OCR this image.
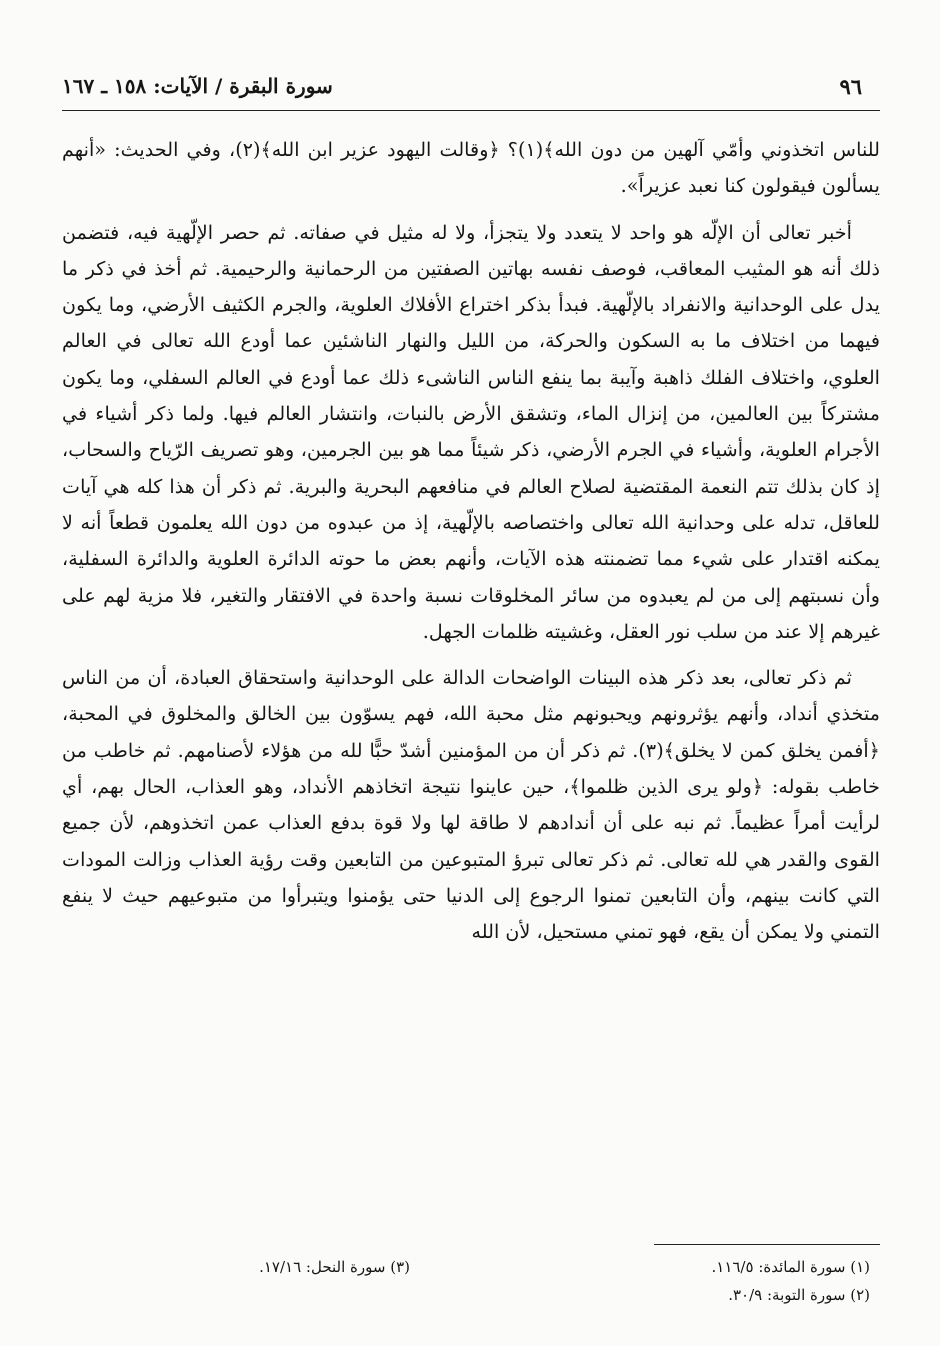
٩٦
سورة البقرة / الآيات: ١٥٨ ـ ١٦٧

للناس اتخذوني وأمّي آلهين من دون الله﴾(١)؟ ﴿وقالت اليهود عزير ابن الله﴾(٢)، وفي الحديث: «أنهم يسألون فيقولون كنا نعبد عزيراً».

أخبر تعالى أن الإلّه هو واحد لا يتعدد ولا يتجزأ، ولا له مثيل في صفاته. ثم حصر الإلّهية فيه، فتضمن ذلك أنه هو المثيب المعاقب، فوصف نفسه بهاتين الصفتين من الرحمانية والرحيمية. ثم أخذ في ذكر ما يدل على الوحدانية والانفراد بالإلّهية. فبدأ بذكر اختراع الأفلاك العلوية، والجرم الكثيف الأرضي، وما يكون فيهما من اختلاف ما به السكون والحركة، من الليل والنهار الناشئين عما أودع الله تعالى في العالم العلوي، واختلاف الفلك ذاهبة وآيبة بما ينفع الناس الناشىء ذلك عما أودع في العالم السفلي، وما يكون مشتركاً بين العالمين، من إنزال الماء، وتشقق الأرض بالنبات، وانتشار العالم فيها. ولما ذكر أشياء في الأجرام العلوية، وأشياء في الجرم الأرضي، ذكر شيئاً مما هو بين الجرمين، وهو تصريف الرّياح والسحاب، إذ كان بذلك تتم النعمة المقتضية لصلاح العالم في منافعهم البحرية والبرية. ثم ذكر أن هذا كله هي آيات للعاقل، تدله على وحدانية الله تعالى واختصاصه بالإلّهية، إذ من عبدوه من دون الله يعلمون قطعاً أنه لا يمكنه اقتدار على شيء مما تضمنته هذه الآيات، وأنهم بعض ما حوته الدائرة العلوية والدائرة السفلية، وأن نسبتهم إلى من لم يعبدوه من سائر المخلوقات نسبة واحدة في الافتقار والتغير، فلا مزية لهم على غيرهم إلا عند من سلب نور العقل، وغشيته ظلمات الجهل.

ثم ذكر تعالى، بعد ذكر هذه البينات الواضحات الدالة على الوحدانية واستحقاق العبادة، أن من الناس متخذي أنداد، وأنهم يؤثرونهم ويحبونهم مثل محبة الله، فهم يسوّون بين الخالق والمخلوق في المحبة، ﴿أفمن يخلق كمن لا يخلق﴾(٣). ثم ذكر أن من المؤمنين أشدّ حبًّا لله من هؤلاء لأصنامهم. ثم خاطب من خاطب بقوله: ﴿ولو يرى الذين ظلموا﴾، حين عاينوا نتيجة اتخاذهم الأنداد، وهو العذاب، الحال بهم، أي لرأيت أمراً عظيماً. ثم نبه على أن أندادهم لا طاقة لها ولا قوة بدفع العذاب عمن اتخذوهم، لأن جميع القوى والقدر هي لله تعالى. ثم ذكر تعالى تبرؤ المتبوعين من التابعين وقت رؤية العذاب وزالت المودات التي كانت بينهم، وأن التابعين تمنوا الرجوع إلى الدنيا حتى يؤمنوا ويتبرأوا من متبوعيهم حيث لا ينفع التمني ولا يمكن أن يقع، فهو تمني مستحيل، لأن الله

(١) سورة المائدة: ١١٦/٥.
(٣) سورة النحل: ١٧/١٦.
(٢) سورة التوبة: ٣٠/٩.
